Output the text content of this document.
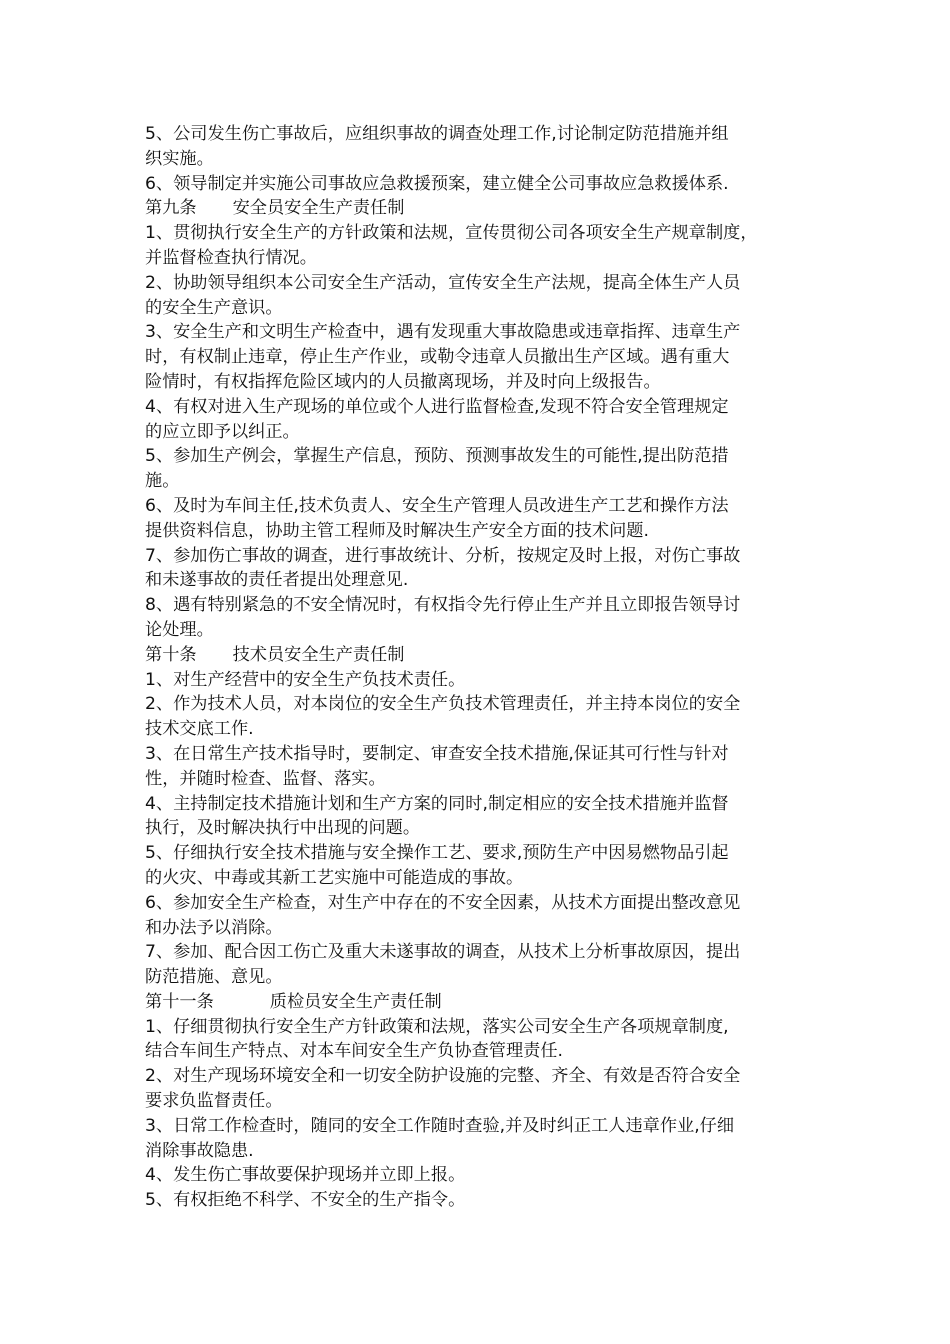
5、公司发生伤亡事故后，应组织事故的调查处理工作,讨论制定防范措施并组
织实施。

6、领导制定并实施公司事故应急救援预案，建立健全公司事故应急救援体系.

第九条 安全员安全生产责任制

1、贯彻执行安全生产的方针政策和法规，宣传贯彻公司各项安全生产规章制度，
并监督检查执行情况。

2、协助领导组织本公司安全生产活动，宣传安全生产法规，提高全体生产人员
的安全生产意识。

3、安全生产和文明生产检查中，遇有发现重大事故隐患或违章指挥、违章生产
时，有权制止违章，停止生产作业，或勒令违章人员撤出生产区域。遇有重大
险情时，有权指挥危险区域内的人员撤离现场，并及时向上级报告。

4、有权对进入生产现场的单位或个人进行监督检查,发现不符合安全管理规定
的应立即予以纠正。

5、参加生产例会，掌握生产信息，预防、预测事故发生的可能性,提出防范措
施。

6、及时为车间主任,技术负责人、安全生产管理人员改进生产工艺和操作方法
提供资料信息，协助主管工程师及时解决生产安全方面的技术问题.

7、参加伤亡事故的调查，进行事故统计、分析，按规定及时上报，对伤亡事故
和未遂事故的责任者提出处理意见.

8、遇有特别紧急的不安全情况时，有权指令先行停止生产并且立即报告领导讨
论处理。

第十条 技术员安全生产责任制

1、对生产经营中的安全生产负技术责任。

2、作为技术人员，对本岗位的安全生产负技术管理责任，并主持本岗位的安全
技术交底工作.

3、在日常生产技术指导时，要制定、审查安全技术措施,保证其可行性与针对
性，并随时检查、监督、落实。

4、主持制定技术措施计划和生产方案的同时,制定相应的安全技术措施并监督
执行，及时解决执行中出现的问题。

5、仔细执行安全技术措施与安全操作工艺、要求,预防生产中因易燃物品引起
的火灾、中毒或其新工艺实施中可能造成的事故。

6、参加安全生产检查，对生产中存在的不安全因素，从技术方面提出整改意见
和办法予以消除。

7、参加、配合因工伤亡及重大未遂事故的调查，从技术上分析事故原因，提出
防范措施、意见。

第十一条	质检员安全生产责任制

1、仔细贯彻执行安全生产方针政策和法规，落实公司安全生产各项规章制度,
结合车间生产特点、对本车间安全生产负协查管理责任.

2、对生产现场环境安全和一切安全防护设施的完整、齐全、有效是否符合安全
要求负监督责任。

3、日常工作检查时，随同的安全工作随时查验,并及时纠正工人违章作业,仔细
消除事故隐患.

4、发生伤亡事故要保护现场并立即上报。

5、有权拒绝不科学、不安全的生产指令。
